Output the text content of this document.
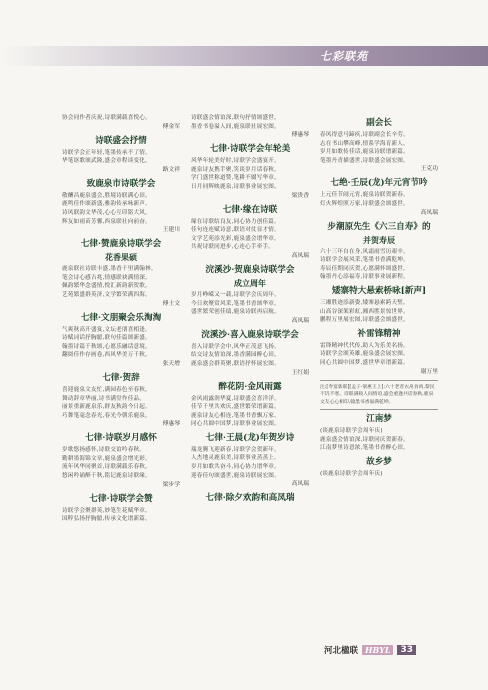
七彩联苑
协会同作者庆祝,诗联满载喜悦心。
傅金军
诗联盛会抒情
诗联学会正年轻,笔墨传承不了情。
华笔讴歌颂武隆,盛会章程谈变化。
路文祥
致鹿泉市诗联学会
敬酬昌鹿泉盛会,胜境诗联满心田。
鹿鸣佳作颂新盛,雅韵传承咏新声。
诗风联韵文华茂,心心互印铭大风。
辉友如雨苗芳馨,西泉联社向前奋。
王建川
七律·赞鹿泉诗联学会
花香果硕
鹿泉联社诗联丰盛,墨香千里满翰林。
笔会诗心感吉兆,情感联袂满情深。
佩韵繁华念盛情,悦汇新韵新贺歌。
艺苑繁盛群英济,文学繁荣满四海。
傅士文
七律·文朋聚会乐淘淘
气爽秋高开盛宴,文坛老朋喜相逢。
诗赋词话抒胸臆,联句佳篇颂新盛。
翰墨诗篇千秋颂,心愿乐融话意境。
翻阅佳作存画卷,西风华美万千秋。
张天增
七律·贺辞
喜迎鹿泉文友忙,满园春色至春秋。
舞动辞章华丽,诗书满堂作佳品。
丽景重新鹿泉乐,群友秋韵今日起。
巧舞笔毫念春光,春光今朝乐鹿泉。
傅惠琴
七律·诗联岁月感怀
岁歌悠扬感怀,诗联交谊吟春秋。
勤耕墨海锦文章,鹿泉盛会增光彩。
流年风华同聚首,诗联满载乐春秋。
悠闲吟诵醉千秋,铭记鹿泉诗联缘。
梁步学
七律·诗联学会赞
诗联学会聚群英,妙笔生花赋华章。
国粹弘扬抒胸臆,传承文化谱新篇。
诗联盛会情谊深,联句抒情颂盛世。
墨香书卷溢人间,鹿泉联社展宏图。
傅惠琴
七律·诗联学会年轮美
风华年轮美好时,诗联学会盛宴开。
鹿泉诗友携手聚,笑谈岁月话春秋。
学门盛世称道赞,笔耕不辍写华章。
日月同辉映鹿泉,诗联事业展宏图。
梁贵香
七律·缘在诗联
缘在诗联结良友,同心协力创佳篇。
佳句连连赋诗意,联语对仗显才情。
文学艺苑添光彩,鹿泉盛会谱华章。
共祝诗联同进步,心连心手牵手。
高凤瑞
浣溪沙·贺鹿泉诗联学会
成立周年
岁月峥嵘又一载,诗联学会庆周年。
今日欢聚赏风采,笔墨书香颂华章。
盛世繁荣创佳绩,鹿泉诗联再启航。
高凤瑞
浣溪沙·喜入鹿泉诗联学会
喜入诗联学会中,风华正茂意飞扬。
结交诗友情谊深,墨香满园醉心田。
鹿泉盛会群英聚,联语抒怀展宏图。
王红娟
醉花阴·金风雨露
金风雨露润华夏,诗联盛会喜洋洋。
佳节千里共欢庆,盛世繁荣谱新篇。
鹿泉诗友心相连,笔墨书香飘万家。
同心共圆中国梦,诗联事业展宏图。
七律·王晨(龙)年贺岁诗
瑞龙腾飞迎新春,诗联学会贺新年。
人杰地灵鹿泉美,诗联事业蒸蒸上。
岁月如歌共奋斗,同心协力谱华章。
迎春佳句颂盛世,鹿泉诗联展宏图。
高凤瑞
七律·除夕欢韵和高凤瑞
副会长
春风得意马蹄疾,诗联副会长辛劳。
志在书山攀高峰,情系学海育新人。
岁月如歌传佳话,鹿泉诗联谱新篇。
笔墨丹青描盛世,诗联盛会展宏图。
王克功
七绝·壬辰(龙)年元宵节吟
上元佳节闹元宵,鹿泉诗联贺新春。
灯火辉煌照万家,诗联盛会颂盛世。
高凤瑞
步潮原先生《六三自寿》的
并贺寿辰
六十三年自在身,风霜雨雪历艰辛。
诗联学会展风采,笔墨书香满乾坤。
寿辰佳期同庆贺,心愿满怀颂盛世。
翰墨丹心添福寿,诗联事业展新程。
矮寨特大悬索桥咏[新声]
三湘胜迹添新姿,矮寨悬索跨天堑。
山高谷深架彩虹,湘西胜景惊世界。
鹏程万里展宏图,诗联盛会颂盛世。
补雷锋精神
雷锋精神代代传,助人为乐美名扬。
诗联学会颂英雄,鹿泉盛会展宏图。
同心共圆中国梦,盛世华章谱新篇。
谢万里
注:[寿宴新联][孟子·梁惠王上]:六十老者衣帛食肉,黎民不饥不寒。诗联满载人间情谊,盛会重逢共话春秋,鹿泉文友心心相印,翰墨书香溢满乾坤。
江南梦
(谈鹿泉诗联学会周年庆)
鹿泉盛会情谊深,诗联同庆贺新春。
江南梦里诗意浓,笔墨书香醉心田。
故乡梦
(谈鹿泉诗联学会周年庆)
河北楹联 HBYL	33
